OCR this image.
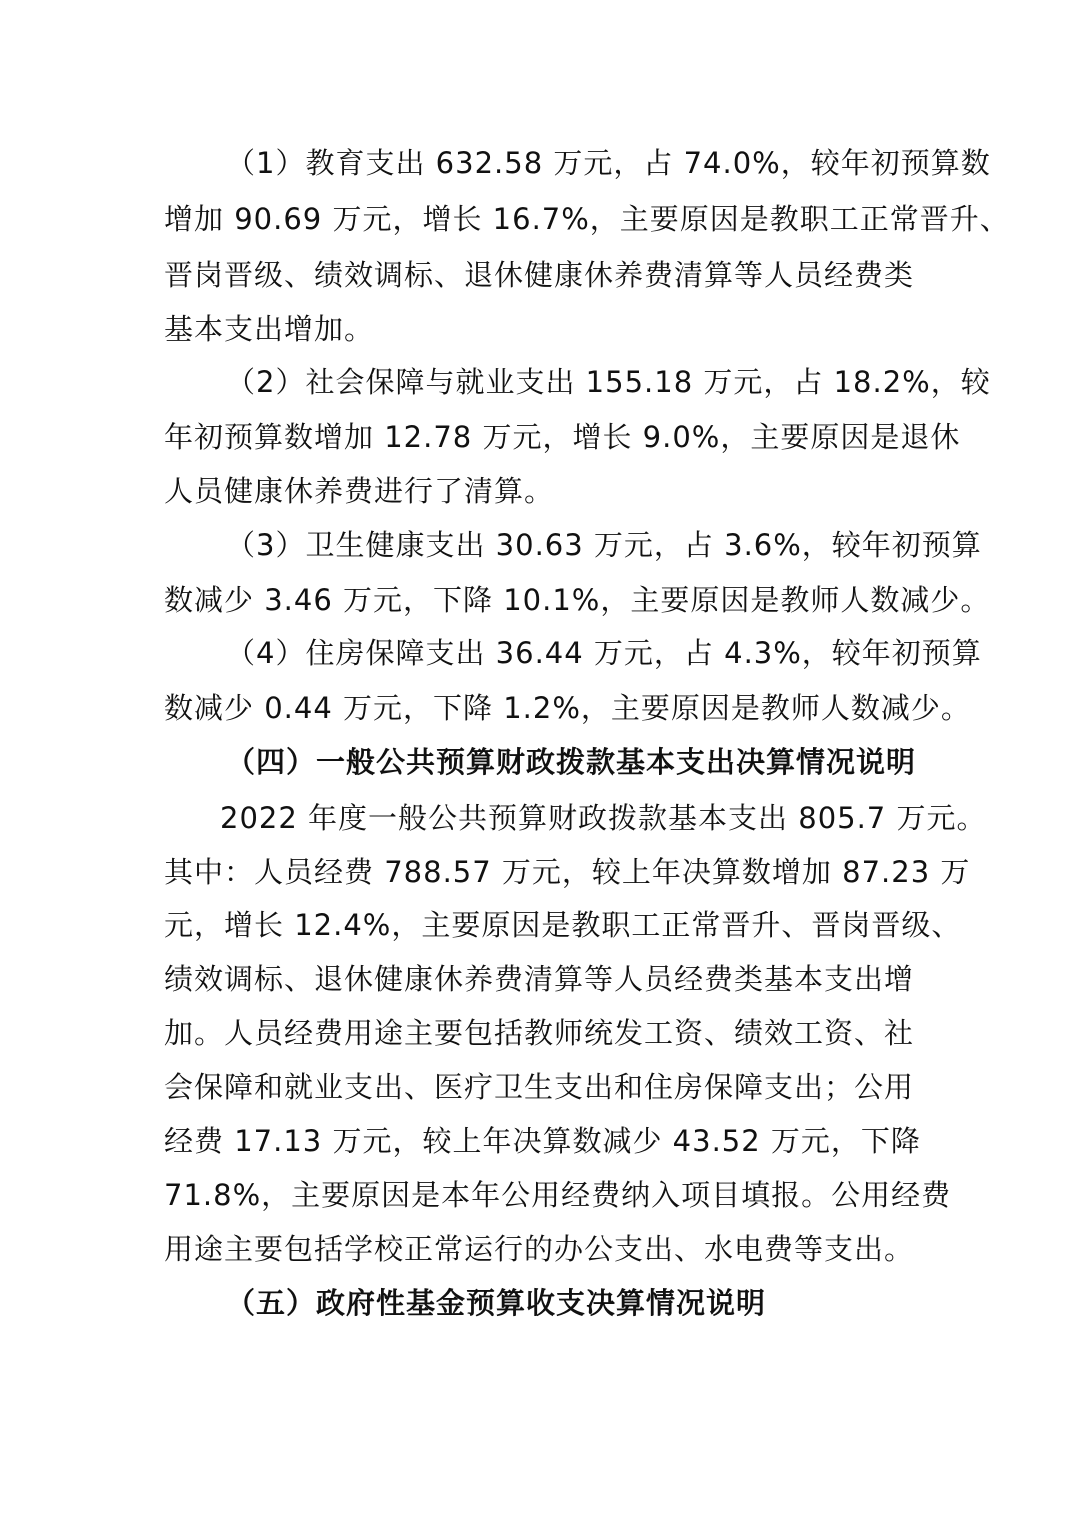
（1）教育支出 632.58 万元，占 74.0%，较年初预算数
增加 90.69 万元，增长 16.7%，主要原因是教职工正常晋升、
晋岗晋级、绩效调标、退休健康休养费清算等人员经费类
基本支出增加。
（2）社会保障与就业支出 155.18 万元，占 18.2%，较
年初预算数增加 12.78 万元，增长 9.0%，主要原因是退休
人员健康休养费进行了清算。
（3）卫生健康支出 30.63 万元，占 3.6%，较年初预算
数减少 3.46 万元，下降 10.1%，主要原因是教师人数减少。
（4）住房保障支出 36.44 万元，占 4.3%，较年初预算
数减少 0.44 万元，下降 1.2%，主要原因是教师人数减少。
（四）一般公共预算财政拨款基本支出决算情况说明
2022 年度一般公共预算财政拨款基本支出 805.7 万元。
其中：人员经费 788.57 万元，较上年决算数增加 87.23 万
元，增长 12.4%，主要原因是教职工正常晋升、晋岗晋级、
绩效调标、退休健康休养费清算等人员经费类基本支出增
加。人员经费用途主要包括教师统发工资、绩效工资、社
会保障和就业支出、医疗卫生支出和住房保障支出；公用
经费 17.13 万元，较上年决算数减少 43.52 万元，下降
71.8%，主要原因是本年公用经费纳入项目填报。公用经费
用途主要包括学校正常运行的办公支出、水电费等支出。
（五）政府性基金预算收支决算情况说明
